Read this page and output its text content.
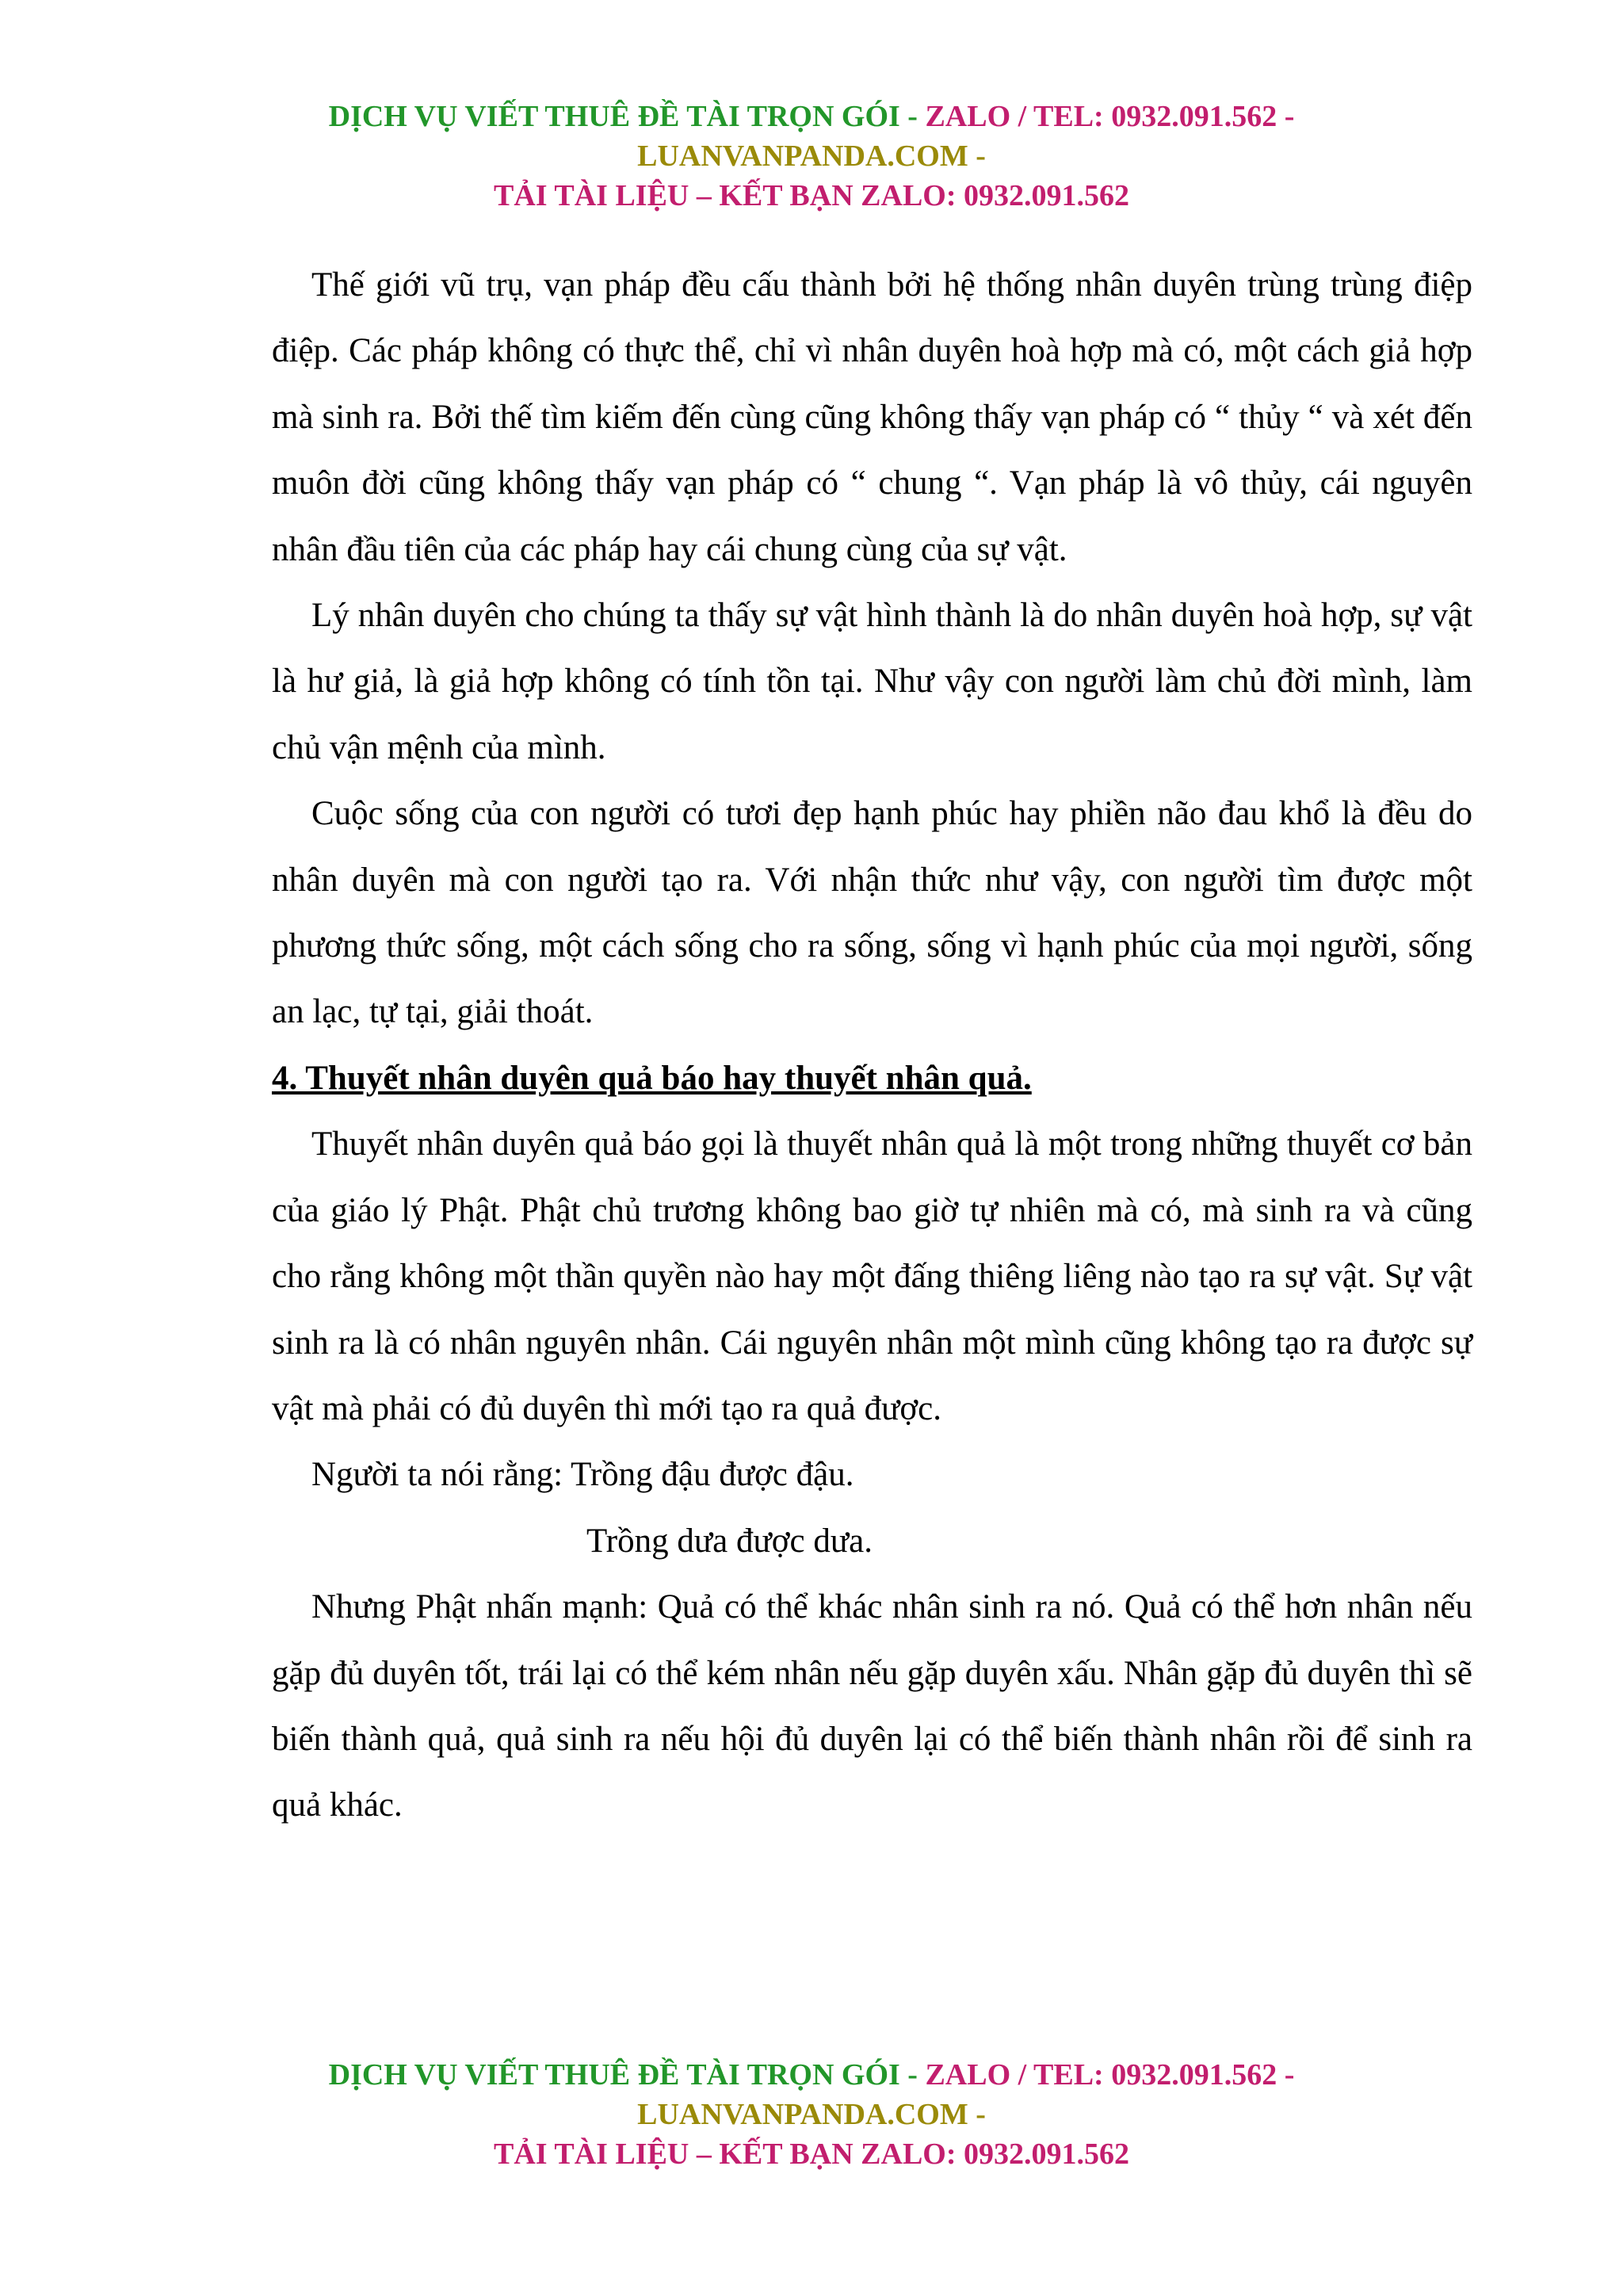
DỊCH VỤ VIẾT THUÊ ĐỀ TÀI TRỌN GÓI - ZALO / TEL: 0932.091.562 -
LUANVANPANDA.COM -
TẢI TÀI LIỆU – KẾT BẠN ZALO: 0932.091.562

Thế giới vũ trụ, vạn pháp đều cấu thành bởi hệ thống nhân duyên trùng trùng điệp điệp. Các pháp không có thực thể, chỉ vì nhân duyên hoà hợp mà có, một cách giả hợp mà sinh ra. Bởi thế tìm kiếm đến cùng cũng không thấy vạn pháp có “ thủy “ và xét đến muôn đời cũng không thấy vạn pháp có “ chung “. Vạn pháp là vô thủy, cái nguyên nhân đầu tiên của các pháp hay cái chung cùng của sự vật.

Lý nhân duyên cho chúng ta thấy sự vật hình thành là do nhân duyên hoà hợp, sự vật là hư giả, là giả hợp không có tính tồn tại. Như vậy con người làm chủ đời mình, làm chủ vận mệnh của mình.

Cuộc sống của con người có tươi đẹp hạnh phúc hay phiền não đau khổ là đều do nhân duyên mà con người tạo ra. Với nhận thức như vậy, con người tìm được một phương thức sống, một cách sống cho ra sống, sống vì hạnh phúc của mọi người, sống an lạc, tự tại, giải thoát.

4. Thuyết nhân duyên quả báo hay thuyết nhân quả.

Thuyết nhân duyên quả báo gọi là thuyết nhân quả là một trong những thuyết cơ bản của giáo lý Phật. Phật chủ trương không bao giờ tự nhiên mà có, mà sinh ra và cũng cho rằng không một thần quyền nào hay một đấng thiêng liêng nào tạo ra sự vật. Sự vật sinh ra là có nhân nguyên nhân. Cái nguyên nhân một mình cũng không tạo ra được sự vật mà phải có đủ duyên thì mới tạo ra quả được.

Người ta nói rằng: Trồng đậu được đậu.

Trồng dưa được dưa.

Nhưng Phật nhấn mạnh: Quả có thể khác nhân sinh ra nó. Quả có thể hơn nhân nếu gặp đủ duyên tốt, trái lại có thể kém nhân nếu gặp duyên xấu. Nhân gặp đủ duyên thì sẽ biến thành quả, quả sinh ra nếu hội đủ duyên lại có thể biến thành nhân rồi để sinh ra quả khác.

DỊCH VỤ VIẾT THUÊ ĐỀ TÀI TRỌN GÓI - ZALO / TEL: 0932.091.562 -
LUANVANPANDA.COM -
TẢI TÀI LIỆU – KẾT BẠN ZALO: 0932.091.562
